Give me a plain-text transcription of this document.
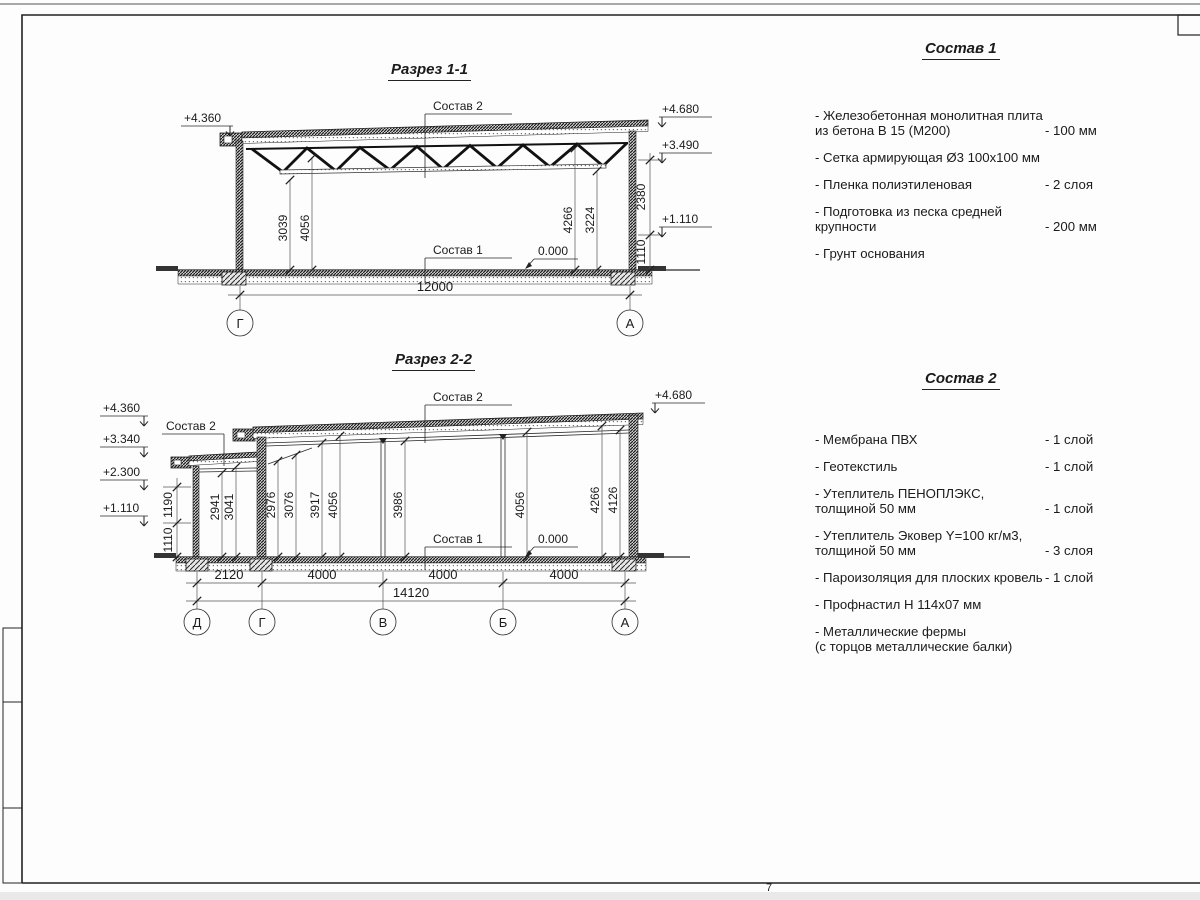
7
3039 4056	4266 3224
2380
1110
+4.360
+4.680
+3.490
+1.110
Состав 2
Состав 1	0.000
12000
Г	А
2941 3041 2976 3076 3917 4056	3986	4056	4266 4126
1190
1110
+4.360
+3.340
+2.300
+1.110
+4.680
Состав 2
Состав 2
Состав 1	0.000
2120	4000	4000	4000
14120
Д	Г	В	Б	А
Разрез 1-1
Разрез 2-2
Состав 1
- Железобетонная монолитная плита
из бетона В 15 (М200)	- 100 мм
- Сетка армирующая Ø3 100х100 мм
- Пленка полиэтиленовая	- 2 слоя
- Подготовка из песка средней
крупности	- 200 мм
- Грунт основания
Состав 2
- Мембрана ПВХ	- 1 слой
- Геотекстиль	- 1 слой
- Утеплитель ПЕНОПЛЭКС,
толщиной 50 мм	- 1 слой
- Утеплитель Эковер Y=100 кг/м3,
толщиной 50 мм	- 3 слоя
- Пароизоляция для плоских кровель - 1 слой
- Профнастил Н 114х07 мм
- Металлические фермы
(с торцов металлические балки)
